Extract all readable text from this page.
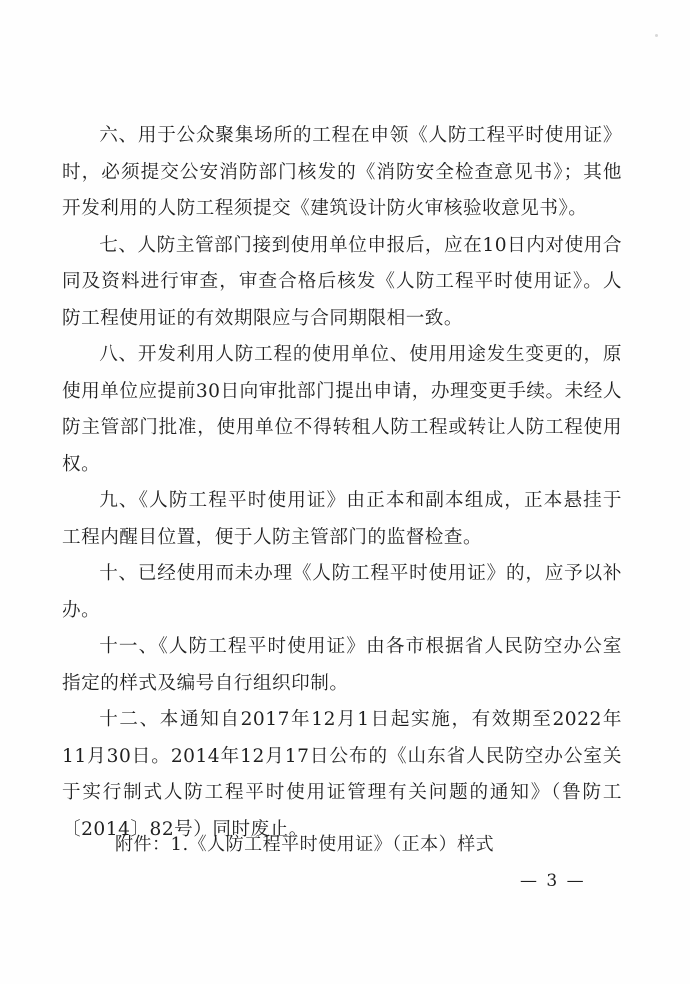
六、用于公众聚集场所的工程在申领《人防工程平时使用证》时，必须提交公安消防部门核发的《消防安全检查意见书》；其他开发利用的人防工程须提交《建筑设计防火审核验收意见书》。

七、人防主管部门接到使用单位申报后，应在10日内对使用合同及资料进行审查，审查合格后核发《人防工程平时使用证》。人防工程使用证的有效期限应与合同期限相一致。

八、开发利用人防工程的使用单位、使用用途发生变更的，原使用单位应提前30日向审批部门提出申请，办理变更手续。未经人防主管部门批准，使用单位不得转租人防工程或转让人防工程使用权。

九、《人防工程平时使用证》由正本和副本组成，正本悬挂于工程内醒目位置，便于人防主管部门的监督检查。

十、已经使用而未办理《人防工程平时使用证》的，应予以补办。

十一、《人防工程平时使用证》由各市根据省人民防空办公室指定的样式及编号自行组织印制。

十二、本通知自2017年12月1日起实施，有效期至2022年11月30日。2014年12月17日公布的《山东省人民防空办公室关于实行制式人防工程平时使用证管理有关问题的通知》（鲁防工〔2014〕82号）同时废止。

附件：1.《人防工程平时使用证》（正本）样式
— 3 —
